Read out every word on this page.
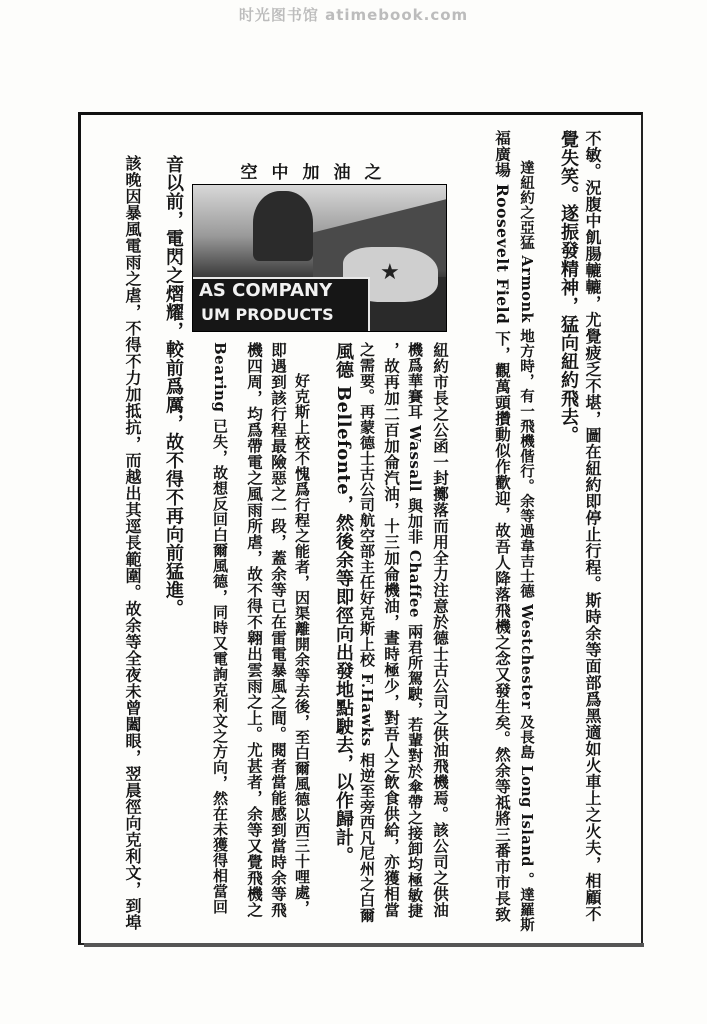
时光图书馆 atimebook.com
不敏。況腹中飢腸轆轆，尤覺疲乏不堪，圖在紐約即停止行程。斯時余等面部爲黑適如火車上之火夫，相顧不
覺失笑。遂振發精神，猛向紐約飛去。
　　達紐約之亞猛 Armonk 地方時，有一飛機偕行。余等過韋吉士德 Westchester 及長島 Long Island 。達羅斯
福廣場 Roosevelt Field 下，觀萬頭攢動似作歡迎，故吾人降落飛機之念又發生矣。然余等祗將三番市市長致
空中加油之
★
AS COMPANY
UM PRODUCTS
紐約市長之公函一封擲落而用全力注意於德士古公司之供油飛機焉。該公司之供油
機爲華賽耳 Wassall 與加非 Chaffee 兩君所駕駛，若輩對於傘帶之接卸均極敏捷
，故再加二百加侖汽油，十三加侖機油，晝時極少，對吾人之飲食供給，亦獲相當
之需要。再蒙德士古公司航空部主任好克斯上校 F.Hawks 相逆至旁西凡尼州之白爾
風德 Bellefonte，然後余等即徑向出發地點駛去，以作歸計。
　　好克斯上校不愧爲行程之能者，因渠離開余等去後，至白爾風德以西三十哩處，
即遇到該行程最險惡之一段，蓋余等已在雷電暴風之間。閱者當能感到當時余等飛
機四周，均爲帶電之風雨所虐，故不得不翱出雲雨之上。尤甚者，余等又覺飛機之
Bearing 已失，故想反回白爾風德，同時又電詢克利文之方向，然在未獲得相當回
音以前，電閃之熠耀，較前爲厲，故不得不再向前猛進。
該晚因暴風電雨之虐，不得不力加抵抗，而越出其逕長範圍。故余等全夜未曾闔眼，翌晨徑向克利文，到埠
